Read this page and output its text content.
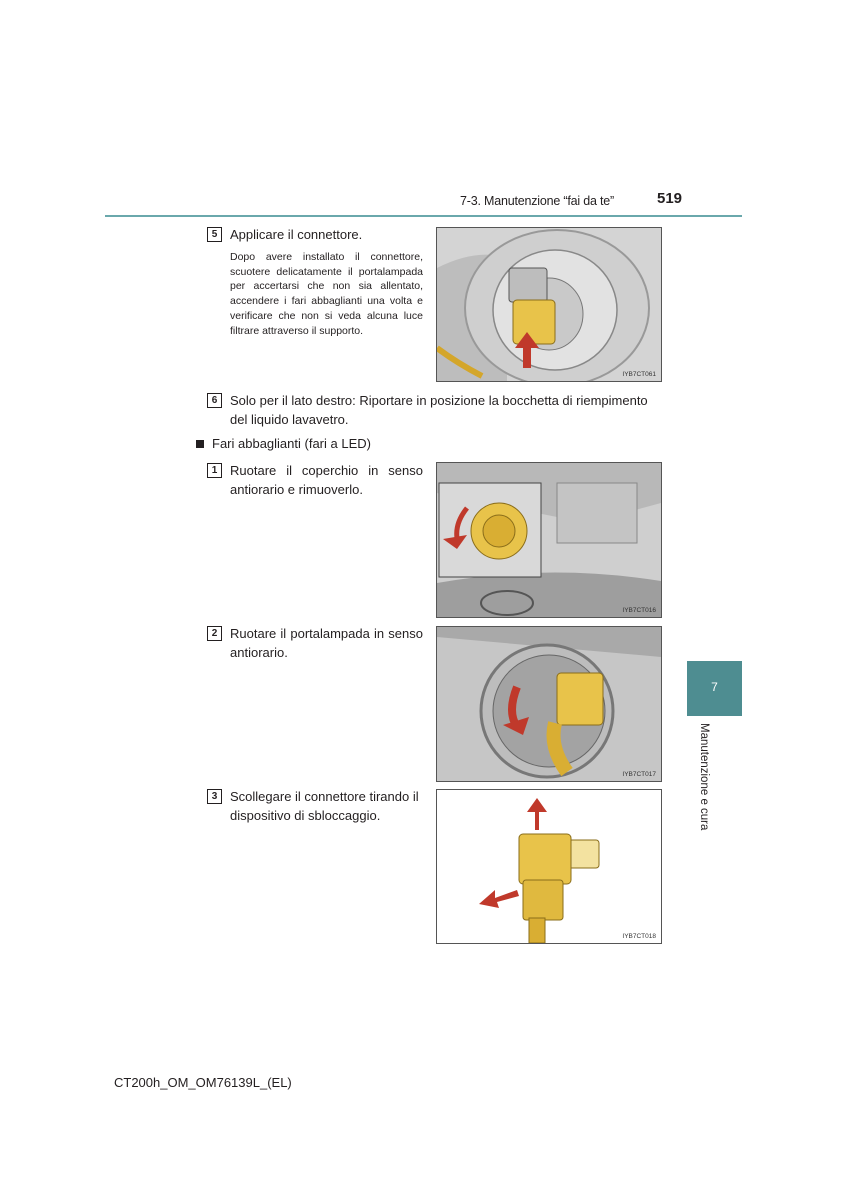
7-3. Manutenzione “fai da te”	519
7
Manutenzione e cura
5 Applicare il connettore.
Dopo avere installato il connettore, scuotere delicatamente il portalampada per accertarsi che non sia allentato, accendere i fari abbaglianti una volta e verificare che non si veda alcuna luce filtrare attraverso il supporto.
IYB7CT061
6 Solo per il lato destro: Riportare in posizione la bocchetta di riempimento del liquido lavavetro.
Fari abbaglianti (fari a LED)
1 Ruotare il coperchio in senso antiorario e rimuoverlo.
IYB7CT016
2 Ruotare il portalampada in senso antiorario.
IYB7CT017
3 Scollegare il connettore tirando il dispositivo di sbloccaggio.
IYB7CT018
CT200h_OM_OM76139L_(EL)
